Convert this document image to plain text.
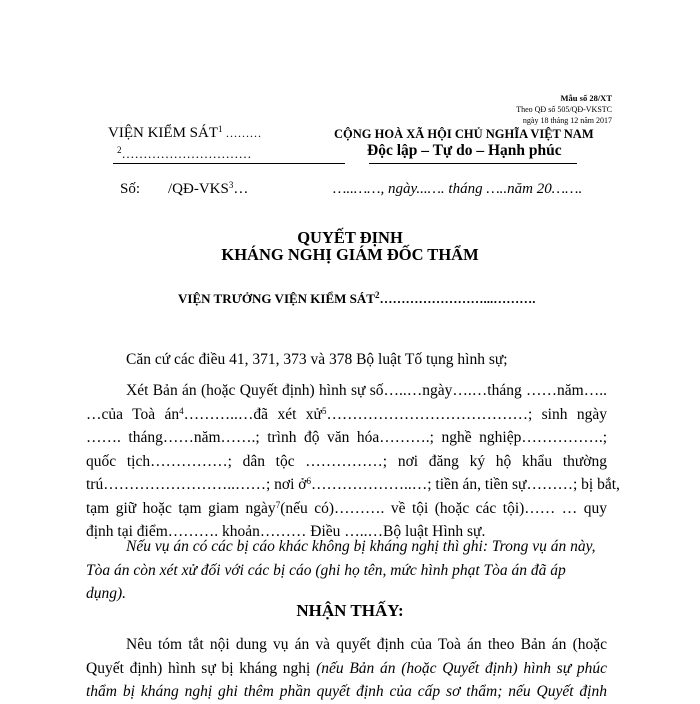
Mẫu số 28/XT
Theo QĐ số 505/QĐ-VKSTC
ngày 18 tháng 12 năm 2017
VIỆN KIỂM SÁT$^1$ ………
$^2$…………………………
CỘNG HOÀ XÃ HỘI CHỦ NGHĨA VIỆT NAM
Độc lập – Tự do – Hạnh phúc
Số: /QĐ-VKS$^3$…	…..……, ngày...…. tháng …..năm 20…….
QUYẾT ĐỊNH
KHÁNG NGHỊ GIÁM ĐỐC THẨM
VIỆN TRƯỞNG VIỆN KIỂM SÁT$^2$……………………...……….
Căn cứ các điều 41, 371, 373 và 378 Bộ luật Tố tụng hình sự;
Xét Bản án (hoặc Quyết định) hình sự số…..…ngày….…tháng ……năm…..
…của Toà $án^4\dots\dots\dots..\dots đã$ xét xử$^5$…………………………………; sinh ngày
……. tháng……năm…….; trình độ văn hóa……….; nghề nghiệp…………….;
quốc tịch……………; dân tộc ……………; nơi đăng ký hộ khẩu thường
trú……………………..……; nơi ở$^6$………………..…; tiền án, tiền sự………; bị bắt,
tạm giữ hoặc tạm giam ngày$^7$(nếu có)………. về tội (hoặc các tội)…… … quy
định tại điểm………. khoản……… Điều …..…Bộ luật Hình sự.
Nếu vụ án có các bị cáo khác không bị kháng nghị thì ghi: Trong vụ án này,
Tòa án còn xét xử đối với các bị cáo (ghi họ tên, mức hình phạt Tòa án đã áp
dụng).
NHẬN THẤY:
Nêu tóm tắt nội dung vụ án và quyết định của Toà án theo Bản án (hoặc
Quyết định) hình sự bị kháng nghị (nếu Bản án (hoặc Quyết định) hình sự phúc
thẩm bị kháng nghị ghi thêm phần quyết định của cấp sơ thẩm; nếu Quyết định
